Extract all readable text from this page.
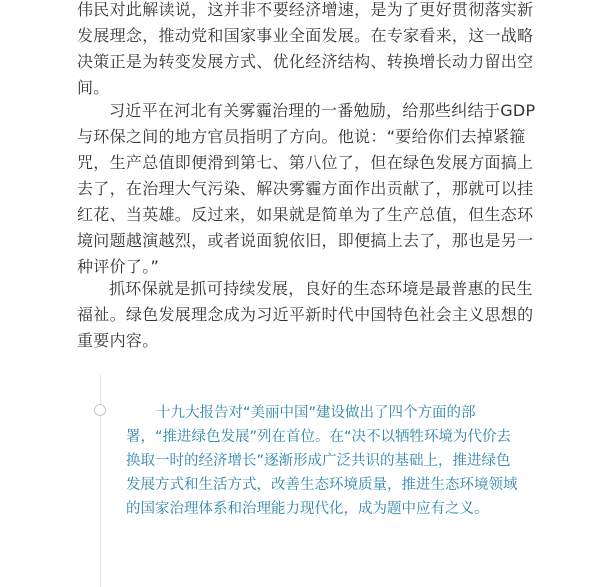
伟民对此解读说，这并非不要经济增速，是为了更好贯彻落实新发展理念，推动党和国家事业全面发展。在专家看来，这一战略决策正是为转变发展方式、优化经济结构、转换增长动力留出空间。

习近平在河北有关雾霾治理的一番勉励，给那些纠结于GDP与环保之间的地方官员指明了方向。他说：“要给你们去掉紧箍咒，生产总值即便滑到第七、第八位了，但在绿色发展方面搞上去了，在治理大气污染、解决雾霾方面作出贡献了，那就可以挂红花、当英雄。反过来，如果就是简单为了生产总值，但生态环境问题越演越烈，或者说面貌依旧，即便搞上去了，那也是另一种评价了。”

抓环保就是抓可持续发展，良好的生态环境是最普惠的民生福祉。绿色发展理念成为习近平新时代中国特色社会主义思想的重要内容。

十九大报告对“美丽中国”建设做出了四个方面的部署，“推进绿色发展”列在首位。在“决不以牺牲环境为代价去换取一时的经济增长”逐渐形成广泛共识的基础上，推进绿色发展方式和生活方式，改善生态环境质量，推进生态环境领域的国家治理体系和治理能力现代化，成为题中应有之义。
